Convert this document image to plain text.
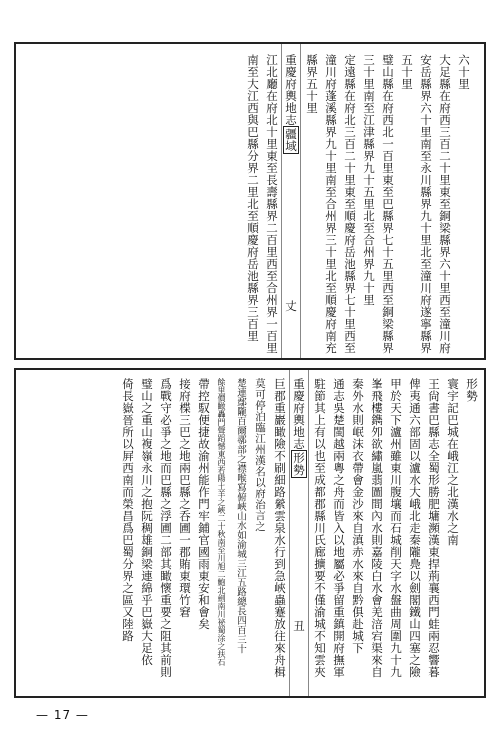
六十里
大足縣在府西三百二十里東至銅梁縣界六十里西至潼川府
安岳縣界六十里南至永川縣界九十里北至潼川府遂寧縣界
五十里
璧山縣在府西北一百里東至巴縣界七十五里西至銅梁縣界
三十里南至江津縣界九十五里北至合州界九十里
定遠縣在府北三百二十里東至順慶府岳池縣界七十里西至
潼川府蓬溪縣界九十里南至合州界三十里北至順慶府南充
縣界五十里
重慶府輿地志疆域
丈
江北廳在府北十里東至長壽縣界二百里西至合州界一百里
南至大江西與巴縣分界二里北至順慶府岳池縣界三百里
形勢
寰宇記巴城在峨江之北漢水之南
王尙書巴縣志全蜀形勝肥墉瀕漢東捍荊襄西門蛙兩忍響暮
俾夷通六部固以瀘水大峨北走秦隴鳧以劍閣鐵山四塞之險
甲於天下瀘州雖東川腹壤而石城削天字水盤曲周圍九十九
峯飛樓鐫夘欲繡嵐翡圖間內水則嘉陵白水會羌涪宕渠來自
秦外水則岷沫衣帶會金沙來自滇赤水來自黔俱赴城下
通志吳楚閩越兩粵之舟而皆入以地屬必爭留重鎮開府撫軍
駐節其上有以也至成都郡縣川氏廊擴要不僅渝城不知雲夾
重慶府輿地志形勢
丑
巨郡重巖瞰險不刷細路縈雲泉水行到急峽蟲蹇放往來舟楫
莫可停泊臨江州漢名以府治言之
楚連鄢隴百爾鄩部之襟喉寫俯峽山水如渝城三江五路總長四百三十
餘里價瞰轟門聲蹈憾東西若陽土羊之峽二十秋南至川旭二鮑北劍南川祕蜀涂之扶石
帶控馭便捷故渝州能作門牢鋪官國雨東安和會矣
接府楪三巴之地兩巴縣之呑圃一郡賄東環竹窘
爲戰守必爭之地而巴縣之浮圃二部其瞰懷重要之阻其前則
璧山之重山複嶺永川之抱阮稠雄銅梁連綿乎巴嶽大足依
倚長嶽晉所以屛西南而榮昌爲巴蜀分界之區又陸路
— 17 —
